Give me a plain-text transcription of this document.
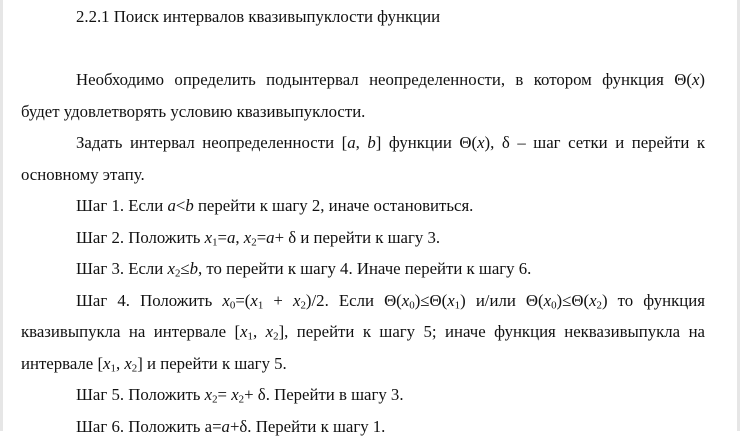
2.2.1 Поиск интервалов квазивыпуклости функции

Необходимо определить подынтервал неопределенности, в котором функция Θ(x)

будет удовлетворять условию квазивыпуклости.

Задать интервал неопределенности [a, b] функции Θ(x), δ – шаг сетки и перейти к

основному этапу.

Шаг 1. Если a<b перейти к шагу 2, иначе остановиться.

Шаг 2. Положить $x_1=a$, $x_2=a+ \delta$ и перейти к шагу 3.

Шаг 3. Если $x_2\le b$, то перейти к шагу 4. Иначе перейти к шагу 6.

Шаг 4. Положить $x_0=(x_1 + x_2)/2$. Если $\Theta(x_0)\le\Theta(x_1)$ и/или $\Theta(x_0)\le\Theta(x_2)$ то функция

квазивыпукла на интервале [$x_1$, $x_2$], перейти к шагу 5; иначе функция неквазивыпукла на

интервале [$x_1$, $x_2$] и перейти к шагу 5.

Шаг 5. Положить $x_2= x_2+ \delta$. Перейти в шагу 3.

Шаг 6. Положить a=a+δ. Перейти к шагу 1.
